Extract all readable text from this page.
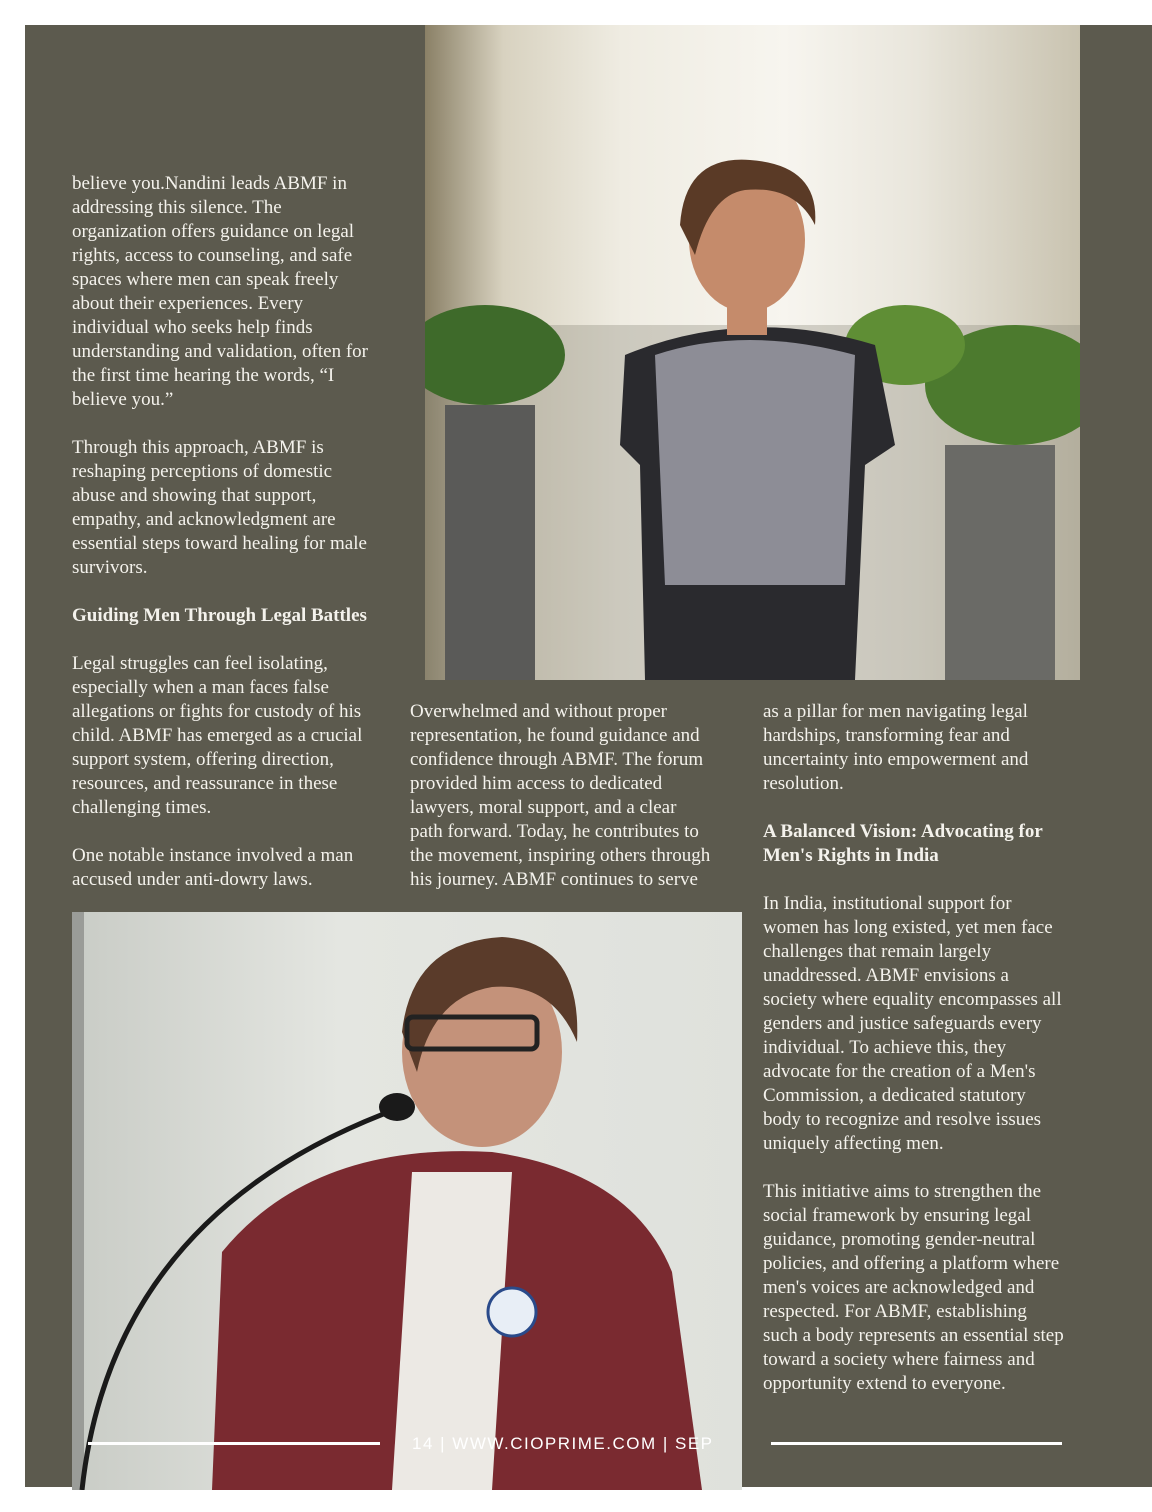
believe you.Nandini leads ABMF in
addressing this silence. The
organization offers guidance on legal
rights, access to counseling, and safe
spaces where men can speak freely
about their experiences. Every
individual who seeks help finds
understanding and validation, often for
the first time hearing the words, “I
believe you.”
Through this approach, ABMF is
reshaping perceptions of domestic
abuse and showing that support,
empathy, and acknowledgment are
essential steps toward healing for male
survivors.
Guiding Men Through Legal Battles
Legal struggles can feel isolating,
especially when a man faces false
allegations or fights for custody of his
child. ABMF has emerged as a crucial
support system, offering direction,
resources, and reassurance in these
challenging times.
One notable instance involved a man
accused under anti-dowry laws.
Overwhelmed and without proper
representation, he found guidance and
confidence through ABMF. The forum
provided him access to dedicated
lawyers, moral support, and a clear
path forward. Today, he contributes to
the movement, inspiring others through
his journey. ABMF continues to serve
as a pillar for men navigating legal
hardships, transforming fear and
uncertainty into empowerment and
resolution.
A Balanced Vision: Advocating for
Men's Rights in India
In India, institutional support for
women has long existed, yet men face
challenges that remain largely
unaddressed. ABMF envisions a
society where equality encompasses all
genders and justice safeguards every
individual. To achieve this, they
advocate for the creation of a Men's
Commission, a dedicated statutory
body to recognize and resolve issues
uniquely affecting men.
This initiative aims to strengthen the
social framework by ensuring legal
guidance, promoting gender-neutral
policies, and offering a platform where
men's voices are acknowledged and
respected. For ABMF, establishing
such a body represents an essential step
toward a society where fairness and
opportunity extend to everyone.
14 | WWW.CIOPRIME.COM | SEP
